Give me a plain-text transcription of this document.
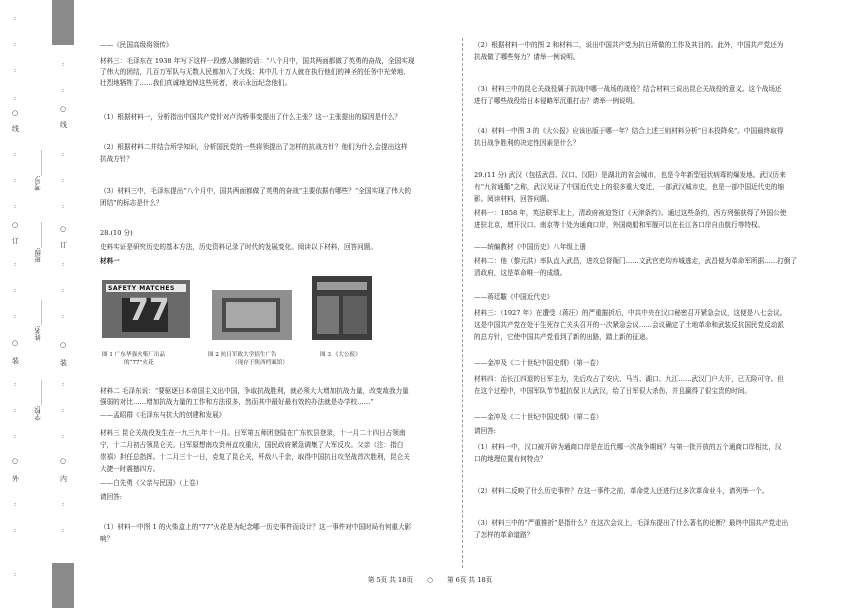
:
:
:
:
:
:
:
:
:
:
:
:
:
:
:
:
○
线
○
订
○
装
○
外
学校:________
姓名:________
班级:________
考号:________
:
:
:
:
:
:
:
:
:
:
:
:
:
○
线
○
订
○
装
○
内
——《民国高级将领传》
材料三：毛泽东在 1938 年写下这样一段感人肺腑的话：“八个月中，国共两面都做了英勇的奋战，全国实现
了伟大的团结，几百万军队与无数人民都加入了火线；其中几十万人就在执行他们的神圣的任务中光荣地、
壮烈地牺牲了……我们真诚地追悼这些死者，表示永远纪念他们。
（1）根据材料一，分析指出中国共产党针对卢沟桥事变提出了什么主张？这一主张提出的原因是什么？
（2）根据材料二并结合所学知识，分析国民党的一些将领提出了怎样的抗战方针？他们为什么会提出这样
抗战方针？
（3）材料三中，毛泽东提出“八个月中，国共两面都做了英勇的奋战”主要依据有哪些？“全国实现了伟大的
团结”的标志是什么？
28.(10 分)
史料实证是研究历史的基本方法，历史资料记录了时代的发展变化。阅读以下材料，回答问题。
材料一
SAFETY MATCHES
77
图 1 广东华强火柴厂出品
的“77”火花
图 2 抗日军政大学招生广告
（现存于陕西档案馆）
图 3 《大公报》
材料二 毛泽东说：“要驱逐日本帝国主义出中国，争取抗战胜利，就必须大大增加抗战力量，改变敌我力量
强弱的对比……增加抗战力量的工作和方法很多，然而其中最好最有效的办法就是办学校……”
——孟昭群《毛泽东与抗大的创建和发展》
材料三 昆仑关战役发生在一九三九年十一月。日军第五师团登陆在广东钦县登录，十一月二十四日占领南
宁，十二月初占领昆仑关。日军原想南攻贵州直攻重庆，国民政府紧急调集了大军反攻。父亲（注：指白
崇禧）担任总指挥。十二月三十一日，克复了昆仑关，歼敌八千余，取得中国抗日攻坚战首次胜利，昆仑关
大捷一时震撼四方。
——白先勇《父亲与民国》（上卷）
请回答:
（1）材料一中图 1 的火柴盒上的“77”火花是为纪念哪一历史事件而设计？这一事件对中国时局有何重大影
响？
（2）根据材料一中的图 2 和材料二，说出中国共产党为抗日所做的工作及其目的。此外，中国共产党还为
抗战做了哪些努力？请举一例说明。
（3）材料三中的昆仑关战役属于抗战中哪一战场的战役？结合材料三说出昆仑关战役的意义。这个战场还
进行了哪些战役给日本侵略军沉重打击？请举一例说明。
（4）材料一中图 3 的《大公报》应该出版于哪一年？结合上述三则材料分析“日本投降矣”。中国最终取得
抗日战争胜利的决定性因素是什么？
29.(11 分) 武汉（包括武昌、汉口、汉阳）是湖北的省会城市，也是今年新型冠状病毒的爆发地。武汉历来
有“九省通衢”之称，武汉见证了中国近代史上的很多重大变迁，一部武汉城市史，也是一部中国近代史的缩
影。阅读材料，回答问题。
材料一：1858 年，英法联军北上，清政府被迫签订《天津条约》。通过这些条约，西方列强获得了外国公使
进驻北京，增开汉口、南京等十处为通商口岸，外国商船和军舰可以在长江各口岸自由航行等特权。
——统编教材《中国历史》八年级上册
材料二：他（黎元洪）率队直入武昌，进攻总督衙门……文武官吏均弃城逃走，武昌便为革命军所据……打倒了
清政府，这是革命唯一的成绩。
——蒋廷黻《中国近代史》
材料三：（1927 年）在遭受（蒋汪）的严重摧折后，中共中央在汉口秘密召开紧急会议，这便是八七会议。
这是中国共产党在处于生死存亡关头召开的一次紧急会议……会议确定了土地革命和武装反抗国民党反动派
的总方针，它使中国共产党看到了新的出路，踏上新的征途。
——金冲及《二十世纪中国史纲》（第一卷）
材料四：治长江四退的日军主力，先后攻占了安庆、马当、湖口、九江……武汉门户大开，已无险可守。但
在这个过程中，中国军队节节抵抗保卫大武汉，给了日军很大杀伤，并且赢得了很宝贵的时间。
——金冲及《二十世纪中国史纲》（第二卷）
请回答:
（1）材料一中，汉口被开辟为通商口岸是在近代哪一次战争期间？与第一批开放的五个通商口岸相比，汉
口的地理位置有何特点？
（2）材料二反映了什么历史事件？在这一事件之前，革命党人还进行过多次革命业斗，请列举一个。
（3）材料三中的“严重推折”是指什么？在这次会议上，毛泽东提出了什么著名的论断？最终中国共产党走出
了怎样的革命道路？
第 5页 共 18页 ○ 第 6页 共 18页
